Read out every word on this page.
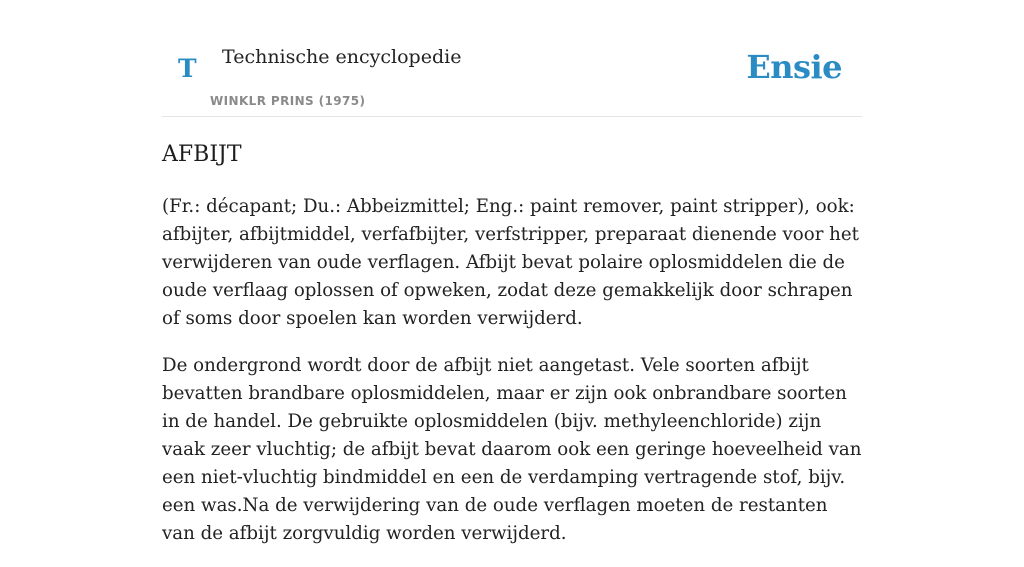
T Technische encyclopedie
WINKLR PRINS (1975)
Ensie
AFBIJT

(Fr.: décapant; Du.: Abbeizmittel; Eng.: paint remover, paint stripper), ook: afbijter, afbijtmiddel, verfafbijter, verfstripper, preparaat dienende voor het verwijderen van oude verflagen. Afbijt bevat polaire oplosmiddelen die de oude verflaag oplossen of opweken, zodat deze gemakkelijk door schrapen of soms door spoelen kan worden verwijderd.

De ondergrond wordt door de afbijt niet aangetast. Vele soorten afbijt bevatten brandbare oplosmiddelen, maar er zijn ook onbrandbare soorten in de handel. De gebruikte oplosmiddelen (bijv. methyleenchloride) zijn vaak zeer vluchtig; de afbijt bevat daarom ook een geringe hoeveelheid van een niet-vluchtig bindmiddel en een de verdamping vertragende stof, bijv. een was.Na de verwijdering van de oude verflagen moeten de restanten van de afbijt zorgvuldig worden verwijderd.
